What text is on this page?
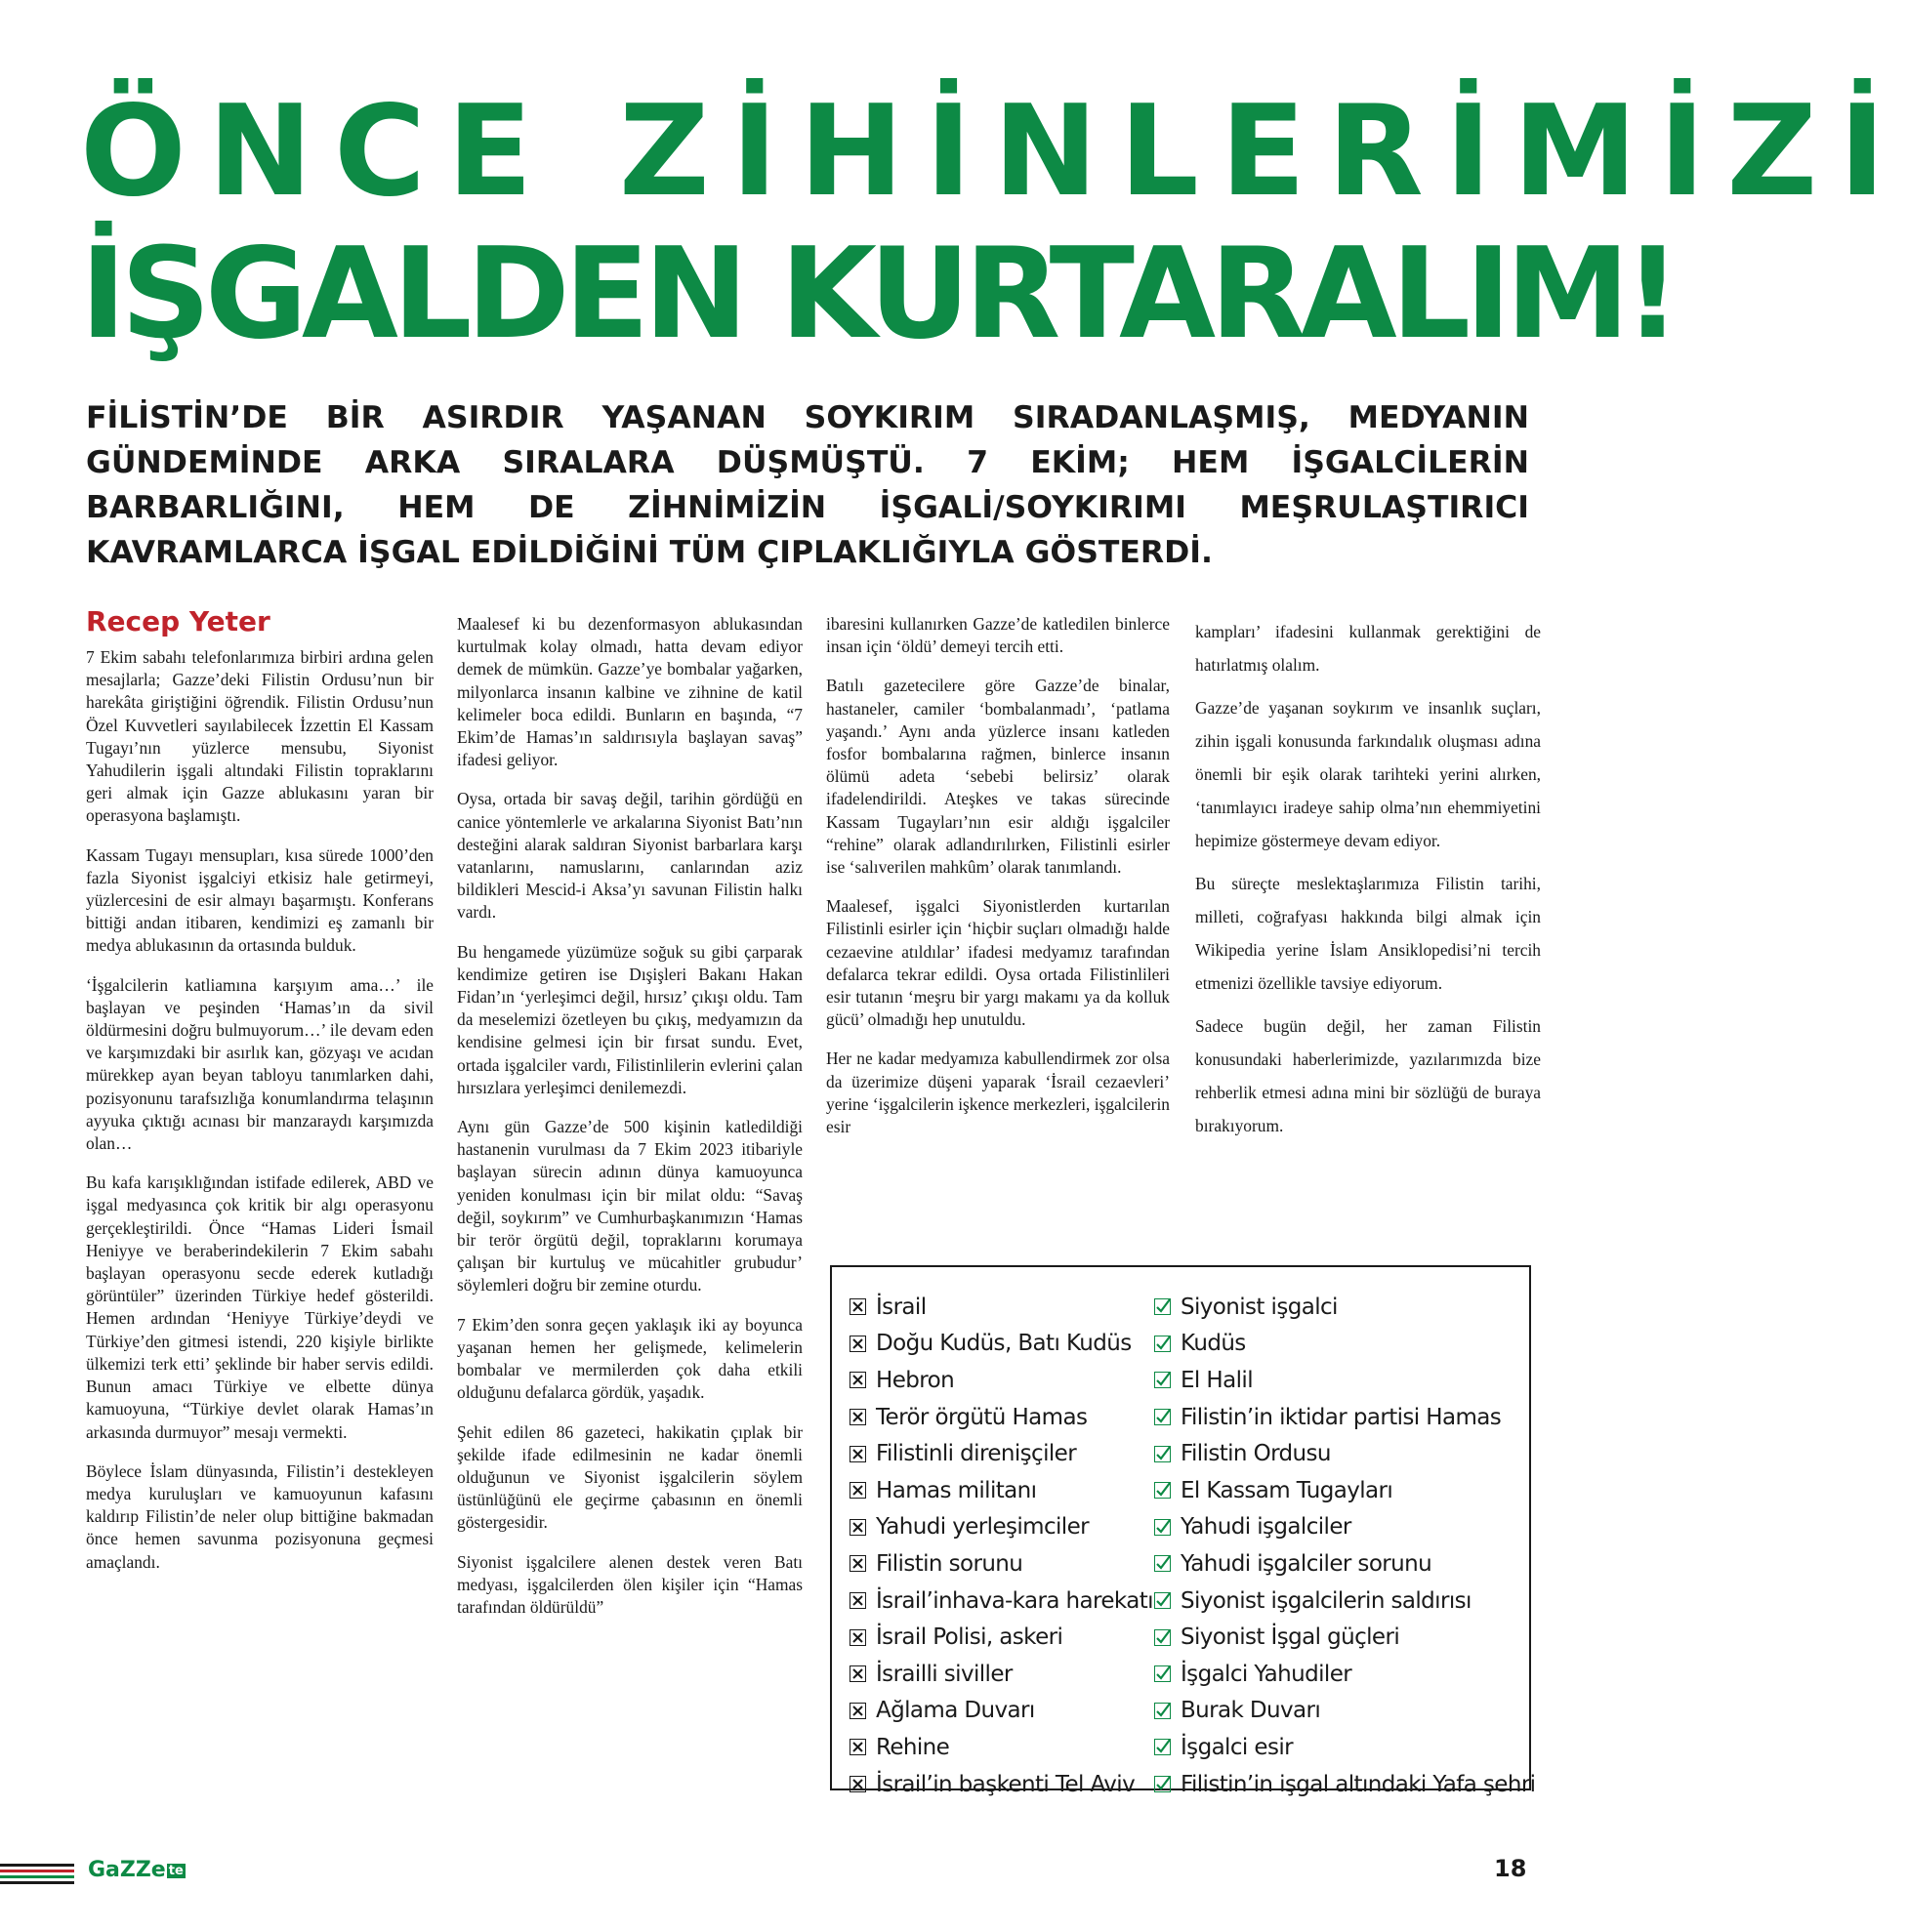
ÖNCE ZİHİNLERİMİZİ
İŞGALDEN KURTARALIM!

FİLİSTİN’DE BİR ASIRDIR YAŞANAN SOYKIRIM SIRADANLAŞMIŞ, MEDYANIN GÜNDEMİNDE ARKA SIRALARA DÜŞMÜŞTÜ. 7 EKİM; HEM İŞGALCİLERİN BARBARLIĞINI, HEM DE ZİHNİMİZİN İŞGALİ/SOYKIRIMI MEŞRULAŞTIRICI KAVRAMLARCA İŞGAL EDİLDİĞİNİ TÜM ÇIPLAKLIĞIYLA GÖSTERDİ.

Recep Yeter

7 Ekim sabahı telefonlarımıza birbiri ardına gelen mesajlarla; Gazze’deki Filistin Ordusu’nun bir harekâta giriştiğini öğrendik. Filistin Ordusu’nun Özel Kuvvetleri sayılabilecek İzzettin El Kassam Tugayı’nın yüzlerce mensubu, Siyonist Yahudilerin işgali altındaki Filistin topraklarını geri almak için Gazze ablukasını yaran bir operasyona başlamıştı.

Kassam Tugayı mensupları, kısa sürede 1000’den fazla Siyonist işgalciyi etkisiz hale getirmeyi, yüzlercesini de esir almayı başarmıştı. Konferans bittiği andan itibaren, kendimizi eş zamanlı bir medya ablukasının da ortasında bulduk.

‘İşgalcilerin katliamına karşıyım ama…’ ile başlayan ve peşinden ‘Hamas’ın da sivil öldürmesini doğru bulmuyorum…’ ile devam eden ve karşımızdaki bir asırlık kan, gözyaşı ve acıdan mürekkep ayan beyan tabloyu tanımlarken dahi, pozisyonunu tarafsızlığa konumlandırma telaşının ayyuka çıktığı acınası bir manzaraydı karşımızda olan…

Bu kafa karışıklığından istifade edilerek, ABD ve işgal medyasınca çok kritik bir algı operasyonu gerçekleştirildi. Önce “Hamas Lideri İsmail Heniyye ve beraberindekilerin 7 Ekim sabahı başlayan operasyonu secde ederek kutladığı görüntüler” üzerinden Türkiye hedef gösterildi. Hemen ardından ‘Heniyye Türkiye’deydi ve Türkiye’den gitmesi istendi, 220 kişiyle birlikte ülkemizi terk etti’ şeklinde bir haber servis edildi. Bunun amacı Türkiye ve elbette dünya kamuoyuna, “Türkiye devlet olarak Hamas’ın arkasında durmuyor” mesajı vermekti.

Böylece İslam dünyasında, Filistin’i destekleyen medya kuruluşları ve kamuoyunun kafasını kaldırıp Filistin’de neler olup bittiğine bakmadan önce hemen savunma pozisyonuna geçmesi amaçlandı.

Maalesef ki bu dezenformasyon ablukasından kurtulmak kolay olmadı, hatta devam ediyor demek de mümkün. Gazze’ye bombalar yağarken, milyonlarca insanın kalbine ve zihnine de katil kelimeler boca edildi. Bunların en başında, “7 Ekim’de Hamas’ın saldırısıyla başlayan savaş” ifadesi geliyor.

Oysa, ortada bir savaş değil, tarihin gördüğü en canice yöntemlerle ve arkalarına Siyonist Batı’nın desteğini alarak saldıran Siyonist barbarlara karşı vatanlarını, namuslarını, canlarından aziz bildikleri Mescid-i Aksa’yı savunan Filistin halkı vardı.

Bu hengamede yüzümüze soğuk su gibi çarparak kendimize getiren ise Dışişleri Bakanı Hakan Fidan’ın ‘yerleşimci değil, hırsız’ çıkışı oldu. Tam da meselemizi özetleyen bu çıkış, medyamızın da kendisine gelmesi için bir fırsat sundu. Evet, ortada işgalciler vardı, Filistinlilerin evlerini çalan hırsızlara yerleşimci denilemezdi.

Aynı gün Gazze’de 500 kişinin katledildiği hastanenin vurulması da 7 Ekim 2023 itibariyle başlayan sürecin adının dünya kamuoyunca yeniden konulması için bir milat oldu: “Savaş değil, soykırım” ve Cumhurbaşkanımızın ‘Hamas bir terör örgütü değil, topraklarını korumaya çalışan bir kurtuluş ve mücahitler grubudur’ söylemleri doğru bir zemine oturdu.

7 Ekim’den sonra geçen yaklaşık iki ay boyunca yaşanan hemen her gelişmede, kelimelerin bombalar ve mermilerden çok daha etkili olduğunu defalarca gördük, yaşadık.

Şehit edilen 86 gazeteci, hakikatin çıplak bir şekilde ifade edilmesinin ne kadar önemli olduğunun ve Siyonist işgalcilerin söylem üstünlüğünü ele geçirme çabasının en önemli göstergesidir.

Siyonist işgalcilere alenen destek veren Batı medyası, işgalcilerden ölen kişiler için “Hamas tarafından öldürüldü”

ibaresini kullanırken Gazze’de katledilen binlerce insan için ‘öldü’ demeyi tercih etti.

Batılı gazetecilere göre Gazze’de binalar, hastaneler, camiler ‘bombalanmadı’, ‘patlama yaşandı.’ Aynı anda yüzlerce insanı katleden fosfor bombalarına rağmen, binlerce insanın ölümü adeta ‘sebebi belirsiz’ olarak ifadelendirildi. Ateşkes ve takas sürecinde Kassam Tugayları’nın esir aldığı işgalciler “rehine” olarak adlandırılırken, Filistinli esirler ise ‘salıverilen mahkûm’ olarak tanımlandı.

Maalesef, işgalci Siyonistlerden kurtarılan Filistinli esirler için ‘hiçbir suçları olmadığı halde cezaevine atıldılar’ ifadesi medyamız tarafından defalarca tekrar edildi. Oysa ortada Filistinlileri esir tutanın ‘meşru bir yargı makamı ya da kolluk gücü’ olmadığı hep unutuldu.

Her ne kadar medyamıza kabullendirmek zor olsa da üzerimize düşeni yaparak ‘İsrail cezaevleri’ yerine ‘işgalcilerin işkence merkezleri, işgalcilerin esir

kampları’ ifadesini kullanmak gerektiğini de hatırlatmış olalım.

Gazze’de yaşanan soykırım ve insanlık suçları, zihin işgali konusunda farkındalık oluşması adına önemli bir eşik olarak tarihteki yerini alırken, ‘tanımlayıcı iradeye sahip olma’nın ehemmiyetini hepimize göstermeye devam ediyor.

Bu süreçte meslektaşlarımıza Filistin tarihi, milleti, coğrafyası hakkında bilgi almak için Wikipedia yerine İslam Ansiklopedisi’ni tercih etmenizi özellikle tavsiye ediyorum.

Sadece bugün değil, her zaman Filistin konusundaki haberlerimizde, yazılarımızda bize rehberlik etmesi adına mini bir sözlüğü de buraya bırakıyorum.

İsrail
Doğu Kudüs, Batı Kudüs
Hebron
Terör örgütü Hamas
Filistinli direnişçiler
Hamas militanı
Yahudi yerleşimciler
Filistin sorunu
İsrail’inhava-kara harekatı
İsrail Polisi, askeri
İsrailli siviller
Ağlama Duvarı
Rehine
İsrail’in başkenti Tel Aviv
Siyonist işgalci
Kudüs
El Halil
Filistin’in iktidar partisi Hamas
Filistin Ordusu
El Kassam Tugayları
Yahudi işgalciler
Yahudi işgalciler sorunu
Siyonist işgalcilerin saldırısı
Siyonist İşgal güçleri
İşgalci Yahudiler
Burak Duvarı
İşgalci esir
Filistin’in işgal altındaki Yafa şehri
GaZZe te	18
